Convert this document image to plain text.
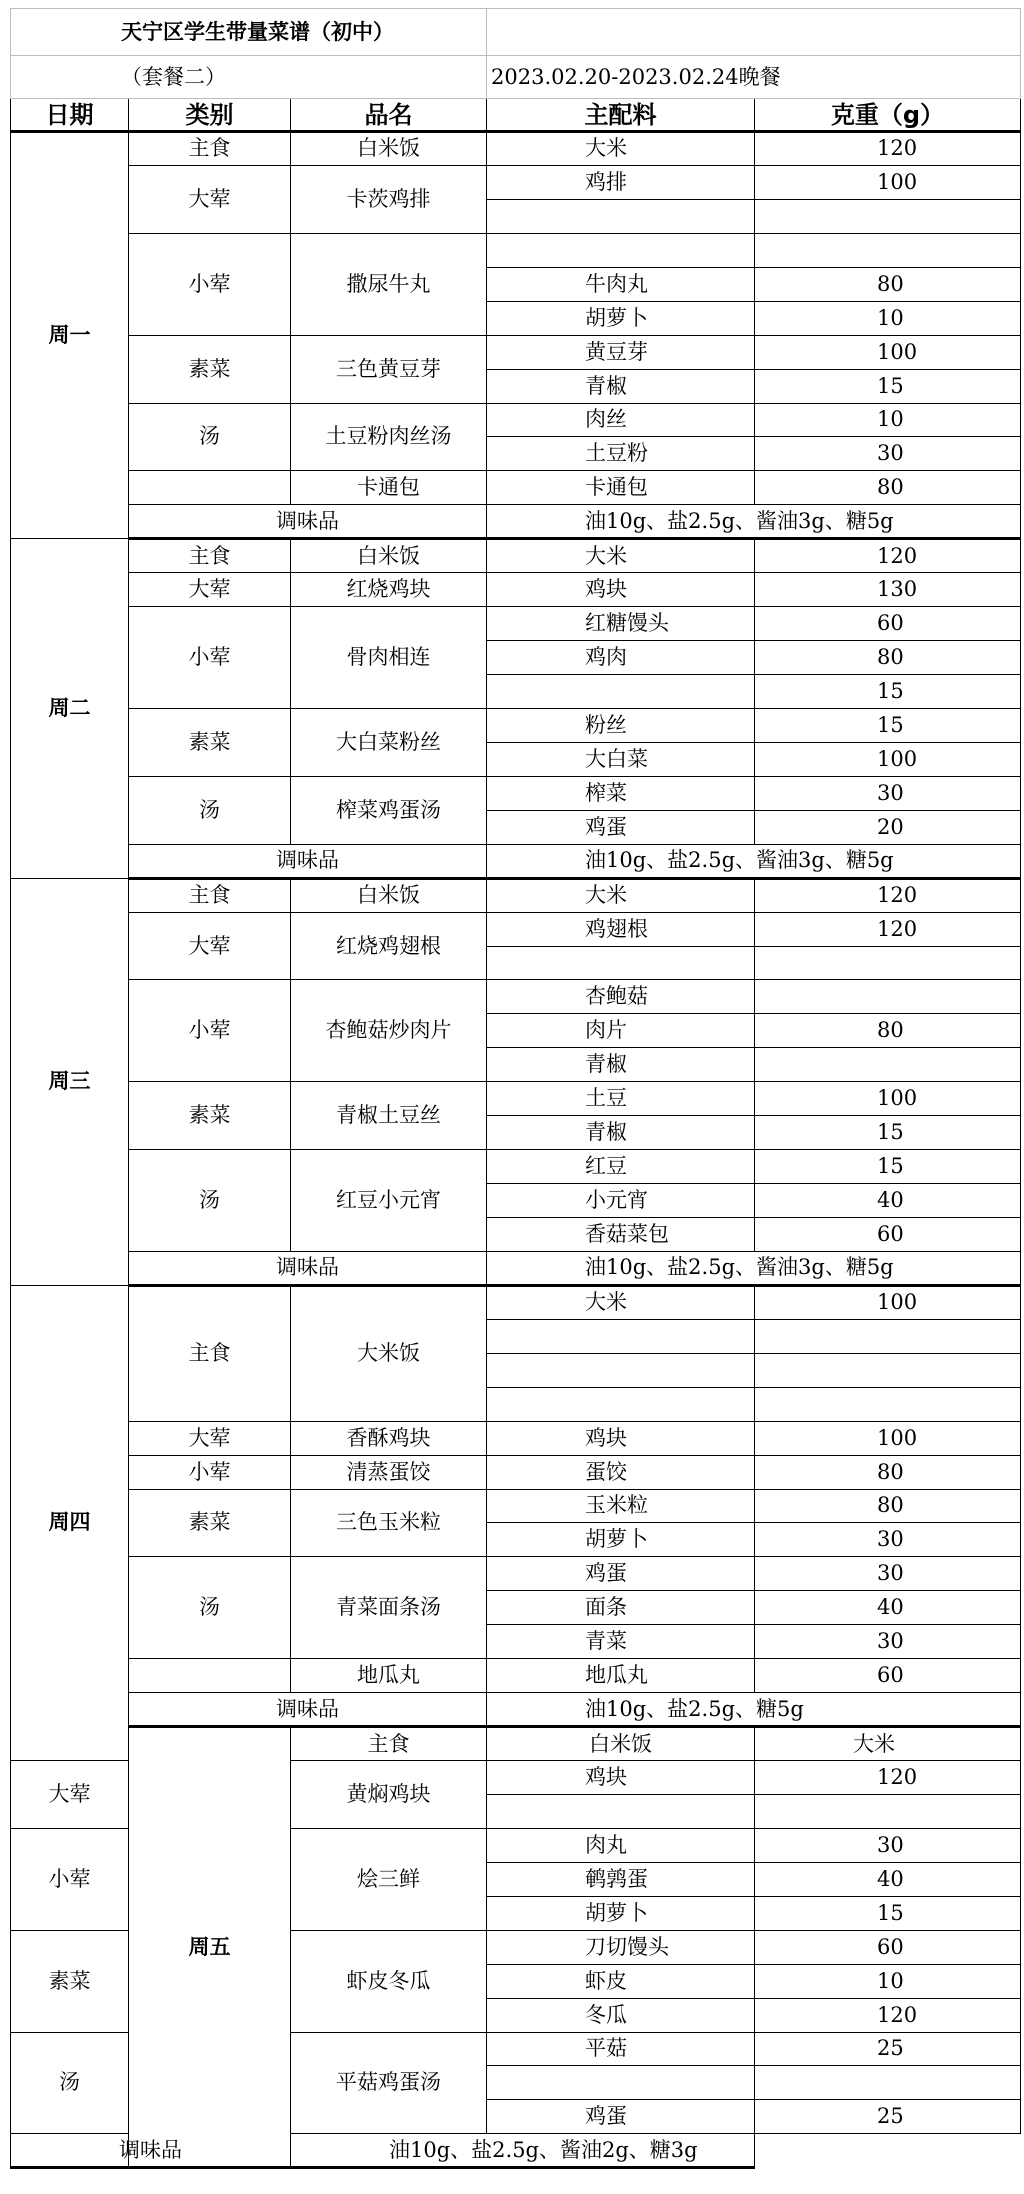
天宁区学生带量菜谱（初中）					
（套餐二）			2023.02.20-2023.02.24晚餐		
日期	类别	品名	主配料	克重（g）	
周一	主食	白米饭	大米	120	
	大荤	卡茨鸡排	鸡排	100	

	小荤	撒尿牛丸			
			牛肉丸	80	
			胡萝卜	10	
	素菜	三色黄豆芽	黄豆芽	100	
			青椒	15	
	汤	土豆粉肉丝汤	肉丝	10	
			土豆粉	30	
		卡通包	卡通包	80	
	调味品		油10g、盐2.5g、酱油3g、糖5g		
周二	主食	白米饭	大米	120	
	大荤	红烧鸡块	鸡块	130	
	小荤	骨肉相连	红糖馒头	60	
			鸡肉	80	
				15	
	素菜	大白菜粉丝	粉丝	15	
			大白菜	100	
	汤	榨菜鸡蛋汤	榨菜	30	
			鸡蛋	20	
	调味品		油10g、盐2.5g、酱油3g、糖5g		
周三	主食	白米饭	大米	120	
	大荤	红烧鸡翅根	鸡翅根	120	

	小荤	杏鲍菇炒肉片	杏鲍菇		
			肉片	80	
			青椒		
	素菜	青椒土豆丝	土豆	100	
			青椒	15	
	汤	红豆小元宵	红豆	15	
			小元宵	40	
			香菇菜包	60	
	调味品		油10g、盐2.5g、酱油3g、糖5g		
周四	主食	大米饭	大米	100	

	大荤	香酥鸡块	鸡块	100	
	小荤	清蒸蛋饺	蛋饺	80	
	素菜	三色玉米粒	玉米粒	80	
			胡萝卜	30	
	汤	青菜面条汤	鸡蛋	30	
			面条	40	
			青菜	30	
		地瓜丸	地瓜丸	60	
	调味品		油10g、盐2.5g、糖5g		
	周五	主食	白米饭	大米	
大荤		黄焖鸡块	鸡块	120	

小荤		烩三鲜	肉丸	30	
			鹌鹑蛋	40	
			胡萝卜	15	
素菜		虾皮冬瓜	刀切馒头	60	
			虾皮	10	
			冬瓜	120	
汤		平菇鸡蛋汤	平菇	25	

			鸡蛋	25	
调味品		油10g、盐2.5g、酱油2g、糖3g			
